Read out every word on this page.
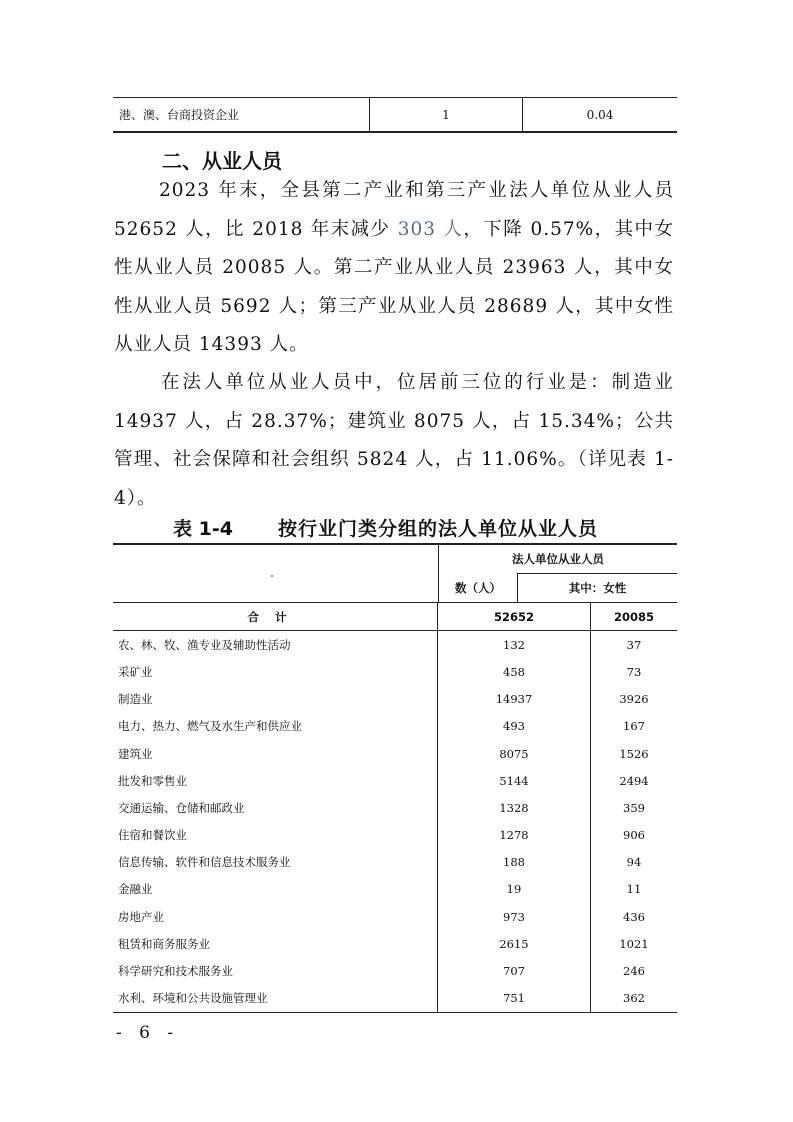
港、澳、台商投资企业	1	0.04
二、从业人员
2023 年末，全县第二产业和第三产业法人单位从业人员 52652 人，比 2018 年末减少 303 人，下降 0.57%，其中女性从业人员 20085 人。第二产业从业人员 23963 人，其中女性从业人员 5692 人；第三产业从业人员 28689 人，其中女性从业人员 14393 人。
在法人单位从业人员中，位居前三位的行业是：制造业 14937 人，占 28.37%；建筑业 8075 人，占 15.34%；公共管理、社会保障和社会组织 5824 人，占 11.06%。（详见表 1-4）。
表 1-4 按行业门类分组的法人单位从业人员
法人单位从业人员
数（人）	其中：女性
合计	52652	20085
农、林、牧、渔专业及辅助性活动	132	37
采矿业	458	73
制造业	14937	3926
电力、热力、燃气及水生产和供应业	493	167
建筑业	8075	1526
批发和零售业	5144	2494
交通运输、仓储和邮政业	1328	359
住宿和餐饮业	1278	906
信息传输、软件和信息技术服务业	188	94
金融业	19	11
房地产业	973	436
租赁和商务服务业	2615	1021
科学研究和技术服务业	707	246
水利、环境和公共设施管理业	751	362
- 6 -
